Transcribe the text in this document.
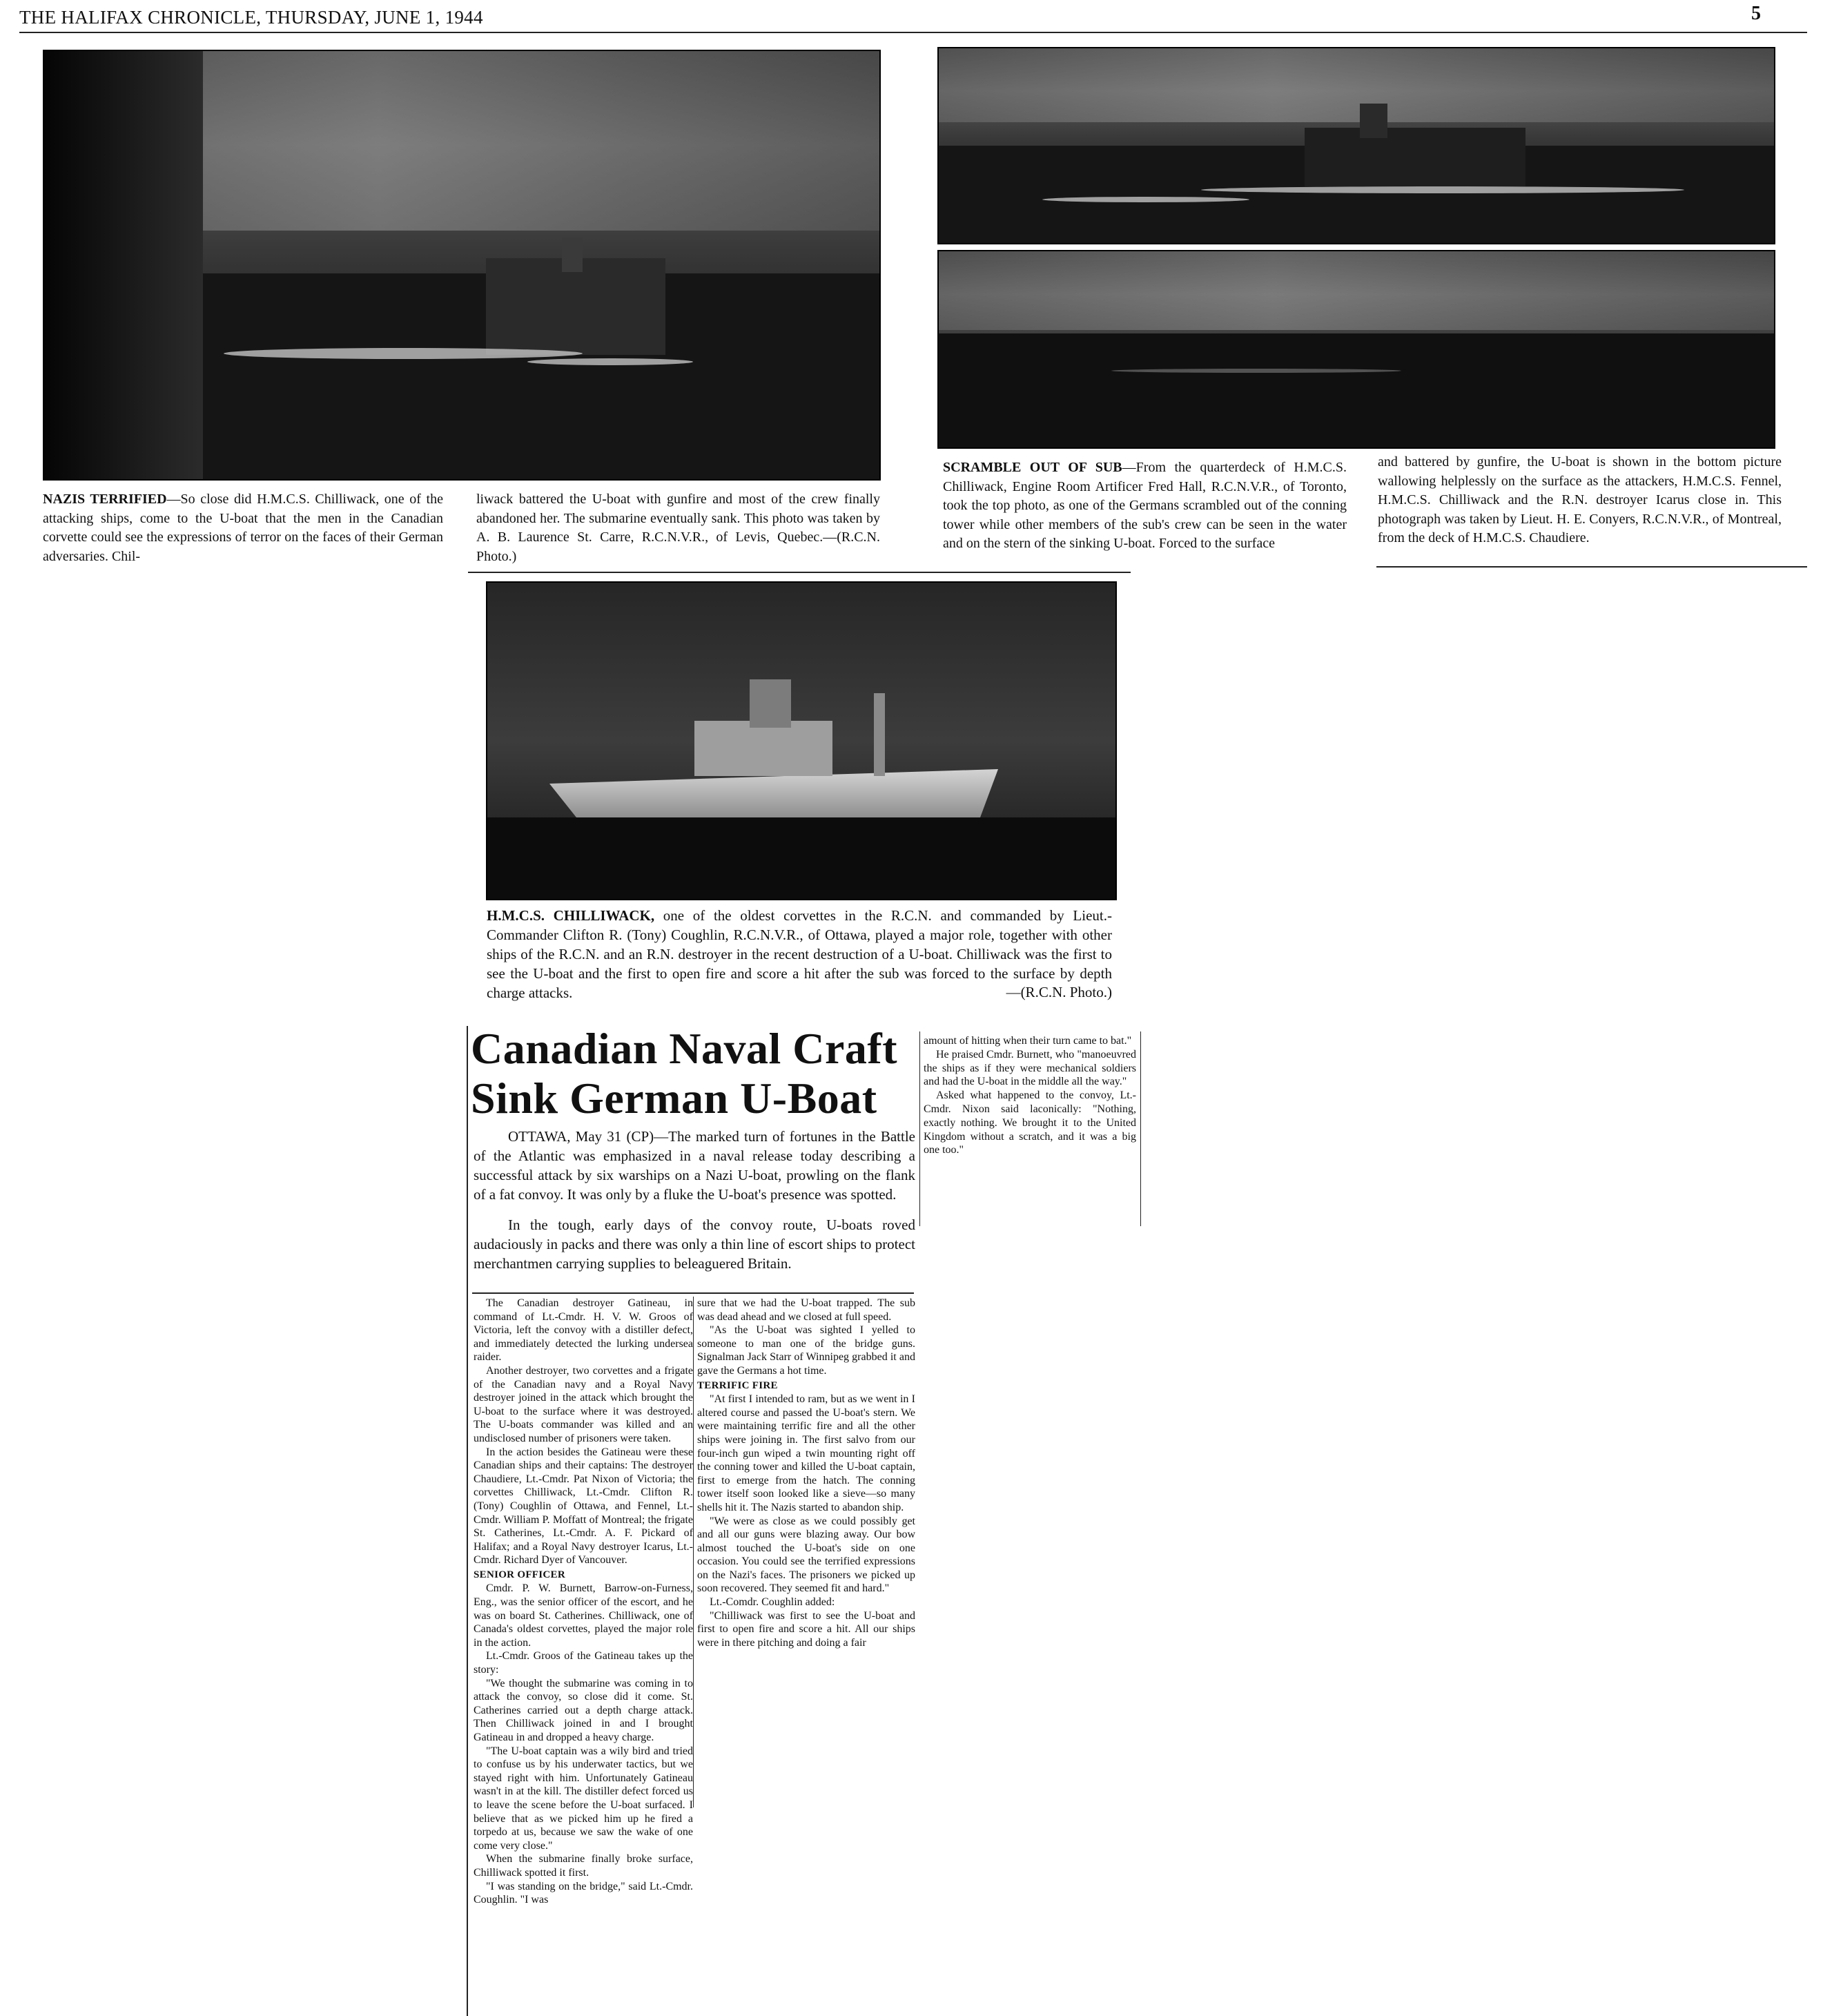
THE HALIFAX CHRONICLE, THURSDAY, JUNE 1, 1944	5
NAZIS TERRIFIED—So close did H.M.C.S. Chilliwack, one of the attacking ships, come to the U-boat that the men in the Canadian corvette could see the expressions of terror on the faces of their German adversaries. Chil-
liwack battered the U-boat with gunfire and most of the crew finally abandoned her. The submarine eventually sank. This photo was taken by A. B. Laurence St. Carre, R.C.N.V.R., of Levis, Quebec.—(R.C.N. Photo.)
SCRAMBLE OUT OF SUB—From the quarterdeck of H.M.C.S. Chilliwack, Engine Room Artificer Fred Hall, R.C.N.V.R., of Toronto, took the top photo, as one of the Germans scrambled out of the conning tower while other members of the sub's crew can be seen in the water and on the stern of the sinking U-boat. Forced to the surface
and battered by gunfire, the U-boat is shown in the bottom picture wallowing helplessly on the surface as the attackers, H.M.C.S. Fennel, H.M.C.S. Chilliwack and the R.N. destroyer Icarus close in. This photograph was taken by Lieut. H. E. Conyers, R.C.N.V.R., of Montreal, from the deck of H.M.C.S. Chaudiere.
H.M.C.S. CHILLIWACK, one of the oldest corvettes in the R.C.N. and commanded by Lieut.-Commander Clifton R. (Tony) Coughlin, R.C.N.V.R., of Ottawa, played a major role, together with other ships of the R.C.N. and an R.N. destroyer in the recent destruction of a U-boat. Chilliwack was the first to see the U-boat and the first to open fire and score a hit after the sub was forced to the surface by depth charge attacks.	—(R.C.N. Photo.)
Canadian Naval Craft
Sink German U-Boat
OTTAWA, May 31 (CP)—The marked turn of fortunes in the Battle of the Atlantic was emphasized in a naval release today describing a successful attack by six warships on a Nazi U-boat, prowling on the flank of a fat convoy. It was only by a fluke the U-boat's presence was spotted.
In the tough, early days of the convoy route, U-boats roved audaciously in packs and there was only a thin line of escort ships to protect merchantmen carrying supplies to beleaguered Britain.

The Canadian destroyer Gatineau, in command of Lt.-Cmdr. H. V. W. Groos of Victoria, left the convoy with a distiller defect, and immediately detected the lurking undersea raider.

Another destroyer, two corvettes and a frigate of the Canadian navy and a Royal Navy destroyer joined in the attack which brought the U-boat to the surface where it was destroyed. The U-boats commander was killed and an undisclosed number of prisoners were taken.

In the action besides the Gatineau were these Canadian ships and their captains: The destroyer Chaudiere, Lt.-Cmdr. Pat Nixon of Victoria; the corvettes Chilliwack, Lt.-Cmdr. Clifton R. (Tony) Coughlin of Ottawa, and Fennel, Lt.-Cmdr. William P. Moffatt of Montreal; the frigate St. Catherines, Lt.-Cmdr. A. F. Pickard of Halifax; and a Royal Navy destroyer Icarus, Lt.-Cmdr. Richard Dyer of Vancouver.

SENIOR OFFICER

Cmdr. P. W. Burnett, Barrow-on-Furness, Eng., was the senior officer of the escort, and he was on board St. Catherines. Chilliwack, one of Canada's oldest corvettes, played the major role in the action.

Lt.-Cmdr. Groos of the Gatineau takes up the story:

"We thought the submarine was coming in to attack the convoy, so close did it come. St. Catherines carried out a depth charge attack. Then Chilliwack joined in and I brought Gatineau in and dropped a heavy charge.

"The U-boat captain was a wily bird and tried to confuse us by his underwater tactics, but we stayed right with him. Unfortunately Gatineau wasn't in at the kill. The distiller defect forced us to leave the scene before the U-boat surfaced. I believe that as we picked him up he fired a torpedo at us, because we saw the wake of one come very close."

When the submarine finally broke surface, Chilliwack spotted it first.

"I was standing on the bridge," said Lt.-Cmdr. Coughlin. "I was

sure that we had the U-boat trapped. The sub was dead ahead and we closed at full speed.

"As the U-boat was sighted I yelled to someone to man one of the bridge guns. Signalman Jack Starr of Winnipeg grabbed it and gave the Germans a hot time.

TERRIFIC FIRE

"At first I intended to ram, but as we went in I altered course and passed the U-boat's stern. We were maintaining terrific fire and all the other ships were joining in. The first salvo from our four-inch gun wiped a twin mounting right off the conning tower and killed the U-boat captain, first to emerge from the hatch. The conning tower itself soon looked like a sieve—so many shells hit it. The Nazis started to abandon ship.

"We were as close as we could possibly get and all our guns were blazing away. Our bow almost touched the U-boat's side on one occasion. You could see the terrified expressions on the Nazi's faces. The prisoners we picked up soon recovered. They seemed fit and hard."

Lt.-Comdr. Coughlin added:

"Chilliwack was first to see the U-boat and first to open fire and score a hit. All our ships were in there pitching and doing a fair

amount of hitting when their turn came to bat."

He praised Cmdr. Burnett, who "manoeuvred the ships as if they were mechanical soldiers and had the U-boat in the middle all the way."

Asked what happened to the convoy, Lt.-Cmdr. Nixon said laconically: "Nothing, exactly nothing. We brought it to the United Kingdom without a scratch, and it was a big one too."
